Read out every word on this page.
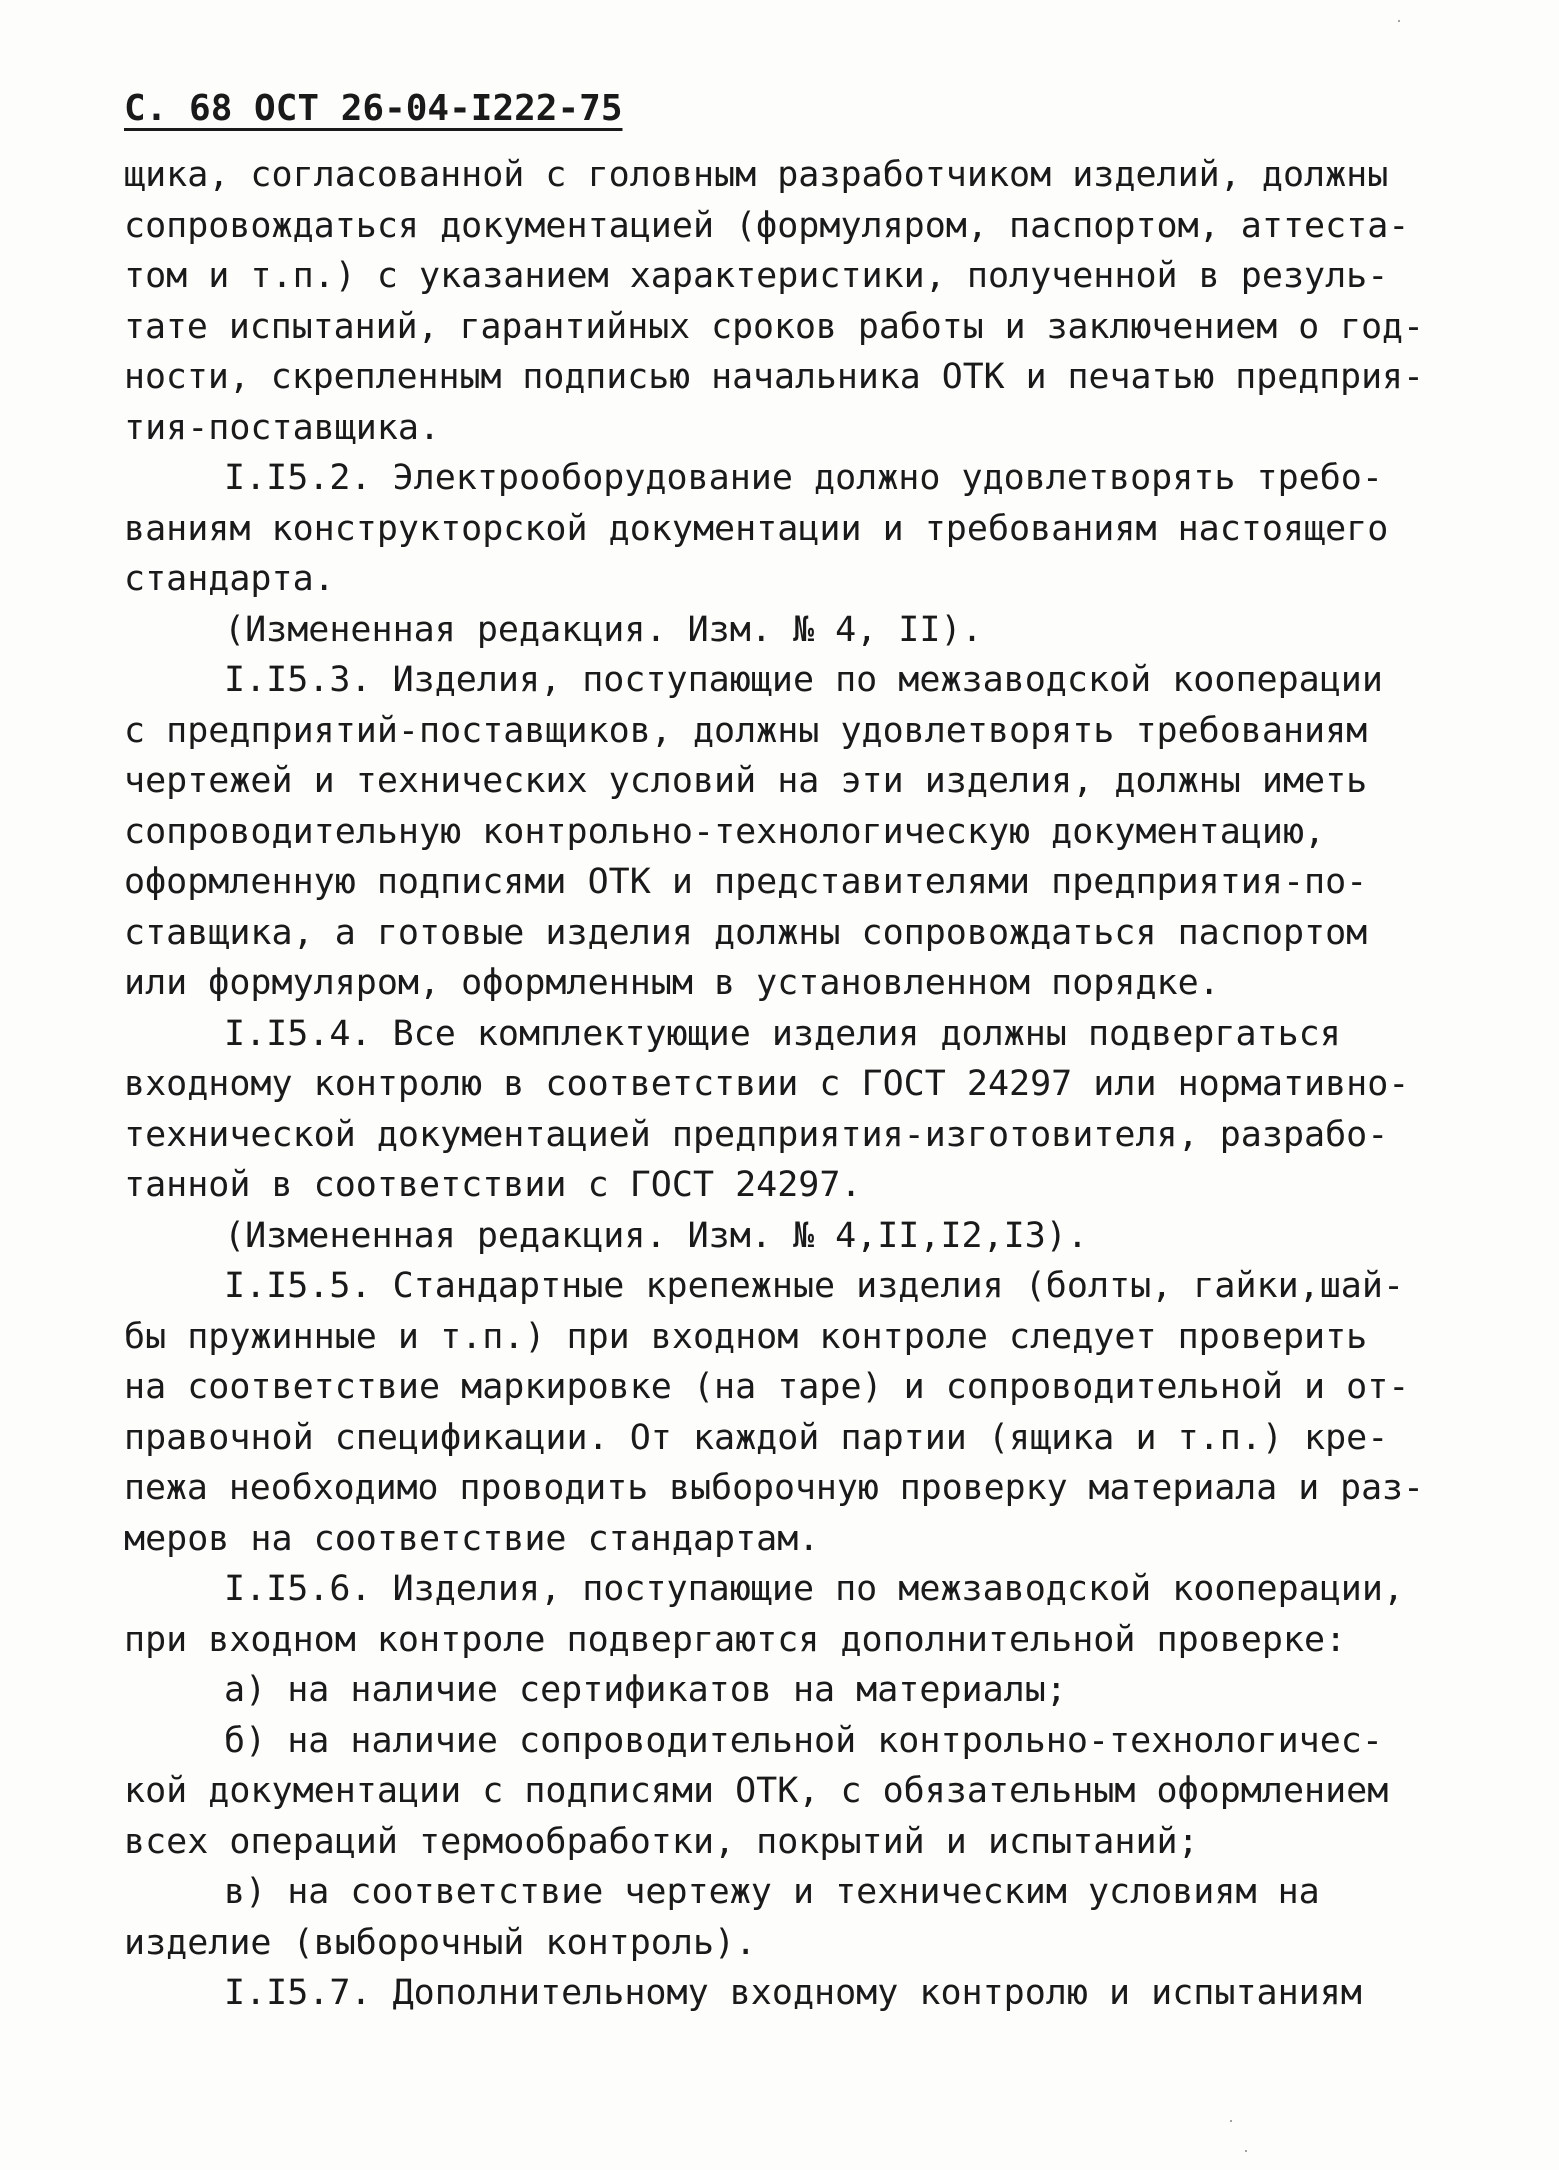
С. 68 ОСТ 26-04-I222-75
щика, согласованной с головным разработчиком изделий, должны
сопровождаться документацией (формуляром, паспортом, аттеста-
том и т.п.) с указанием характеристики, полученной в резуль-
тате испытаний, гарантийных сроков работы и заключением о год-
ности, скрепленным подписью начальника ОТК и печатью предприя-
тия-поставщика.
I.I5.2. Электрооборудование должно удовлетворять требо-
ваниям конструкторской документации и требованиям настоящего
стандарта.
(Измененная редакция. Изм. № 4, II).
I.I5.3. Изделия, поступающие по межзаводской кооперации
с предприятий-поставщиков, должны удовлетворять требованиям
чертежей и технических условий на эти изделия, должны иметь
сопроводительную контрольно-технологическую документацию,
оформленную подписями ОТК и представителями предприятия-по-
ставщика, а готовые изделия должны сопровождаться паспортом
или формуляром, оформленным в установленном порядке.
I.I5.4. Все комплектующие изделия должны подвергаться
входному контролю в соответствии с ГОСТ 24297 или нормативно-
технической документацией предприятия-изготовителя, разрабо-
танной в соответствии с ГОСТ 24297.
(Измененная редакция. Изм. № 4,II,I2,I3).
I.I5.5. Стандартные крепежные изделия (болты, гайки,шай-
бы пружинные и т.п.) при входном контроле следует проверить
на соответствие маркировке (на таре) и сопроводительной и от-
правочной спецификации. От каждой партии (ящика и т.п.) кре-
пежа необходимо проводить выборочную проверку материала и раз-
меров на соответствие стандартам.
I.I5.6. Изделия, поступающие по межзаводской кооперации,
при входном контроле подвергаются дополнительной проверке:
а) на наличие сертификатов на материалы;
б) на наличие сопроводительной контрольно-технологичес-
кой документации с подписями ОТК, с обязательным оформлением
всех операций термообработки, покрытий и испытаний;
в) на соответствие чертежу и техническим условиям на
изделие (выборочный контроль).
I.I5.7. Дополнительному входному контролю и испытаниям
